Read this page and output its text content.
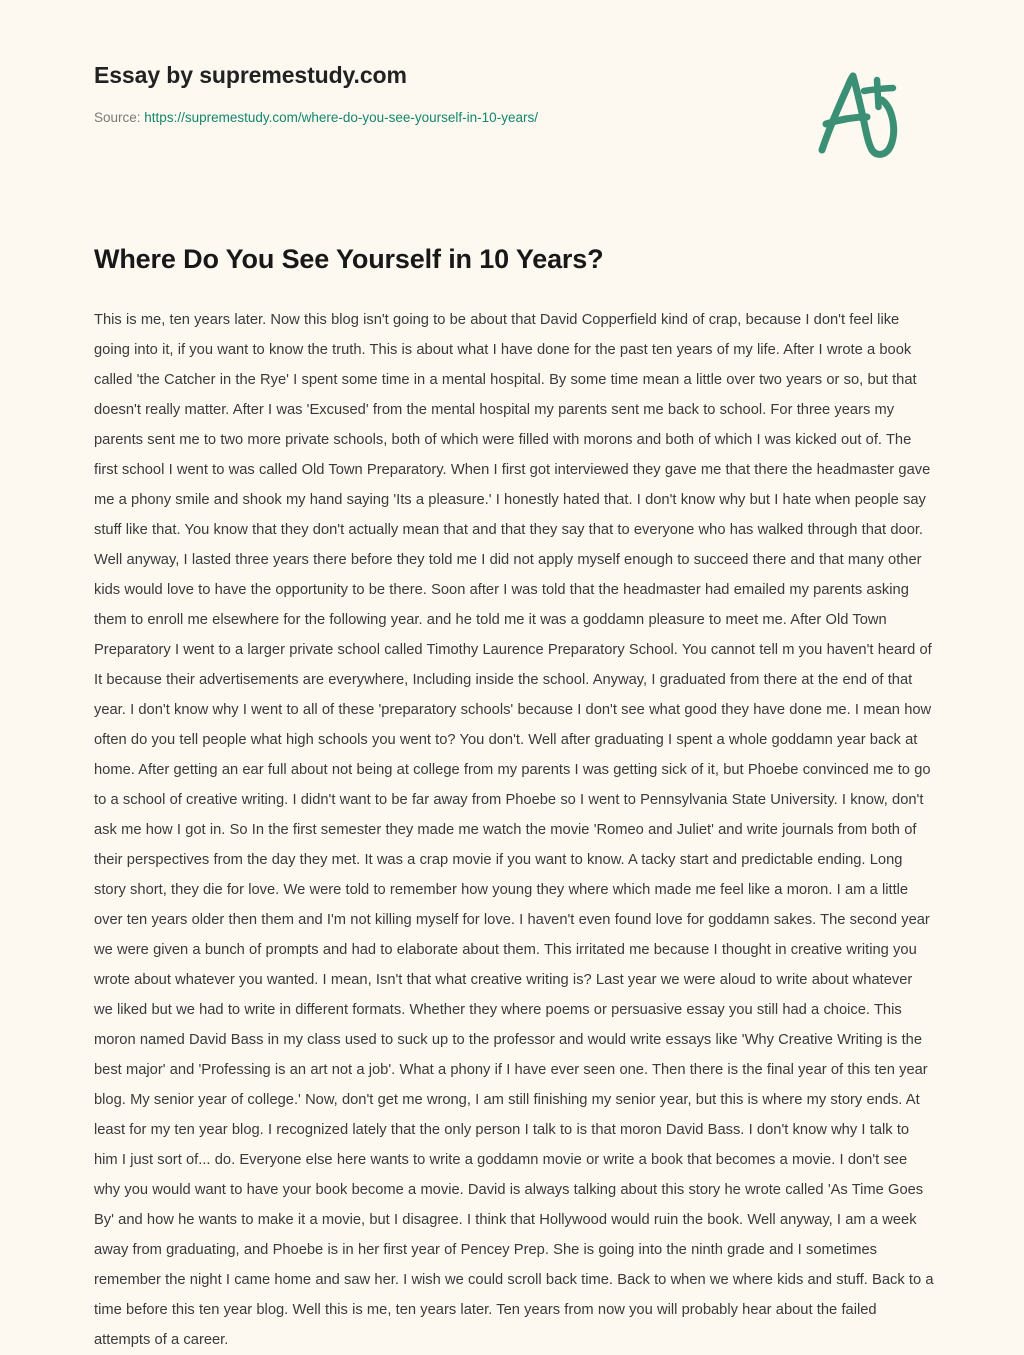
Essay by supremestudy.com
Source: https://supremestudy.com/where-do-you-see-yourself-in-10-years/
Where Do You See Yourself in 10 Years?

This is me, ten years later. Now this blog isn't going to be about that David Copperfield kind of crap, because I don't feel like going into it, if you want to know the truth. This is about what I have done for the past ten years of my life. After I wrote a book called 'the Catcher in the Rye' I spent some time in a mental hospital. By some time mean a little over two years or so, but that doesn't really matter. After I was 'Excused' from the mental hospital my parents sent me back to school. For three years my parents sent me to two more private schools, both of which were filled with morons and both of which I was kicked out of. The first school I went to was called Old Town Preparatory. When I first got interviewed they gave me that there the headmaster gave me a phony smile and shook my hand saying 'Its a pleasure.' I honestly hated that. I don't know why but I hate when people say stuff like that. You know that they don't actually mean that and that they say that to everyone who has walked through that door. Well anyway, I lasted three years there before they told me I did not apply myself enough to succeed there and that many other kids would love to have the opportunity to be there. Soon after I was told that the headmaster had emailed my parents asking them to enroll me elsewhere for the following year. and he told me it was a goddamn pleasure to meet me. After Old Town Preparatory I went to a larger private school called Timothy Laurence Preparatory School. You cannot tell m you haven't heard of It because their advertisements are everywhere, Including inside the school. Anyway, I graduated from there at the end of that year. I don't know why I went to all of these 'preparatory schools' because I don't see what good they have done me. I mean how often do you tell people what high schools you went to? You don't. Well after graduating I spent a whole goddamn year back at home. After getting an ear full about not being at college from my parents I was getting sick of it, but Phoebe convinced me to go to a school of creative writing. I didn't want to be far away from Phoebe so I went to Pennsylvania State University. I know, don't ask me how I got in. So In the first semester they made me watch the movie 'Romeo and Juliet' and write journals from both of their perspectives from the day they met. It was a crap movie if you want to know. A tacky start and predictable ending. Long story short, they die for love. We were told to remember how young they where which made me feel like a moron. I am a little over ten years older then them and I'm not killing myself for love. I haven't even found love for goddamn sakes. The second year we were given a bunch of prompts and had to elaborate about them. This irritated me because I thought in creative writing you wrote about whatever you wanted. I mean, Isn't that what creative writing is? Last year we were aloud to write about whatever we liked but we had to write in different formats. Whether they where poems or persuasive essay you still had a choice. This moron named David Bass in my class used to suck up to the professor and would write essays like 'Why Creative Writing is the best major' and 'Professing is an art not a job'. What a phony if I have ever seen one. Then there is the final year of this ten year blog. My senior year of college.' Now, don't get me wrong, I am still finishing my senior year, but this is where my story ends. At least for my ten year blog. I recognized lately that the only person I talk to is that moron David Bass. I don't know why I talk to him I just sort of... do. Everyone else here wants to write a goddamn movie or write a book that becomes a movie. I don't see why you would want to have your book become a movie. David is always talking about this story he wrote called 'As Time Goes By' and how he wants to make it a movie, but I disagree. I think that Hollywood would ruin the book. Well anyway, I am a week away from graduating, and Phoebe is in her first year of Pencey Prep. She is going into the ninth grade and I sometimes remember the night I came home and saw her. I wish we could scroll back time. Back to when we where kids and stuff. Back to a time before this ten year blog. Well this is me, ten years later. Ten years from now you will probably hear about the failed attempts of a career.
